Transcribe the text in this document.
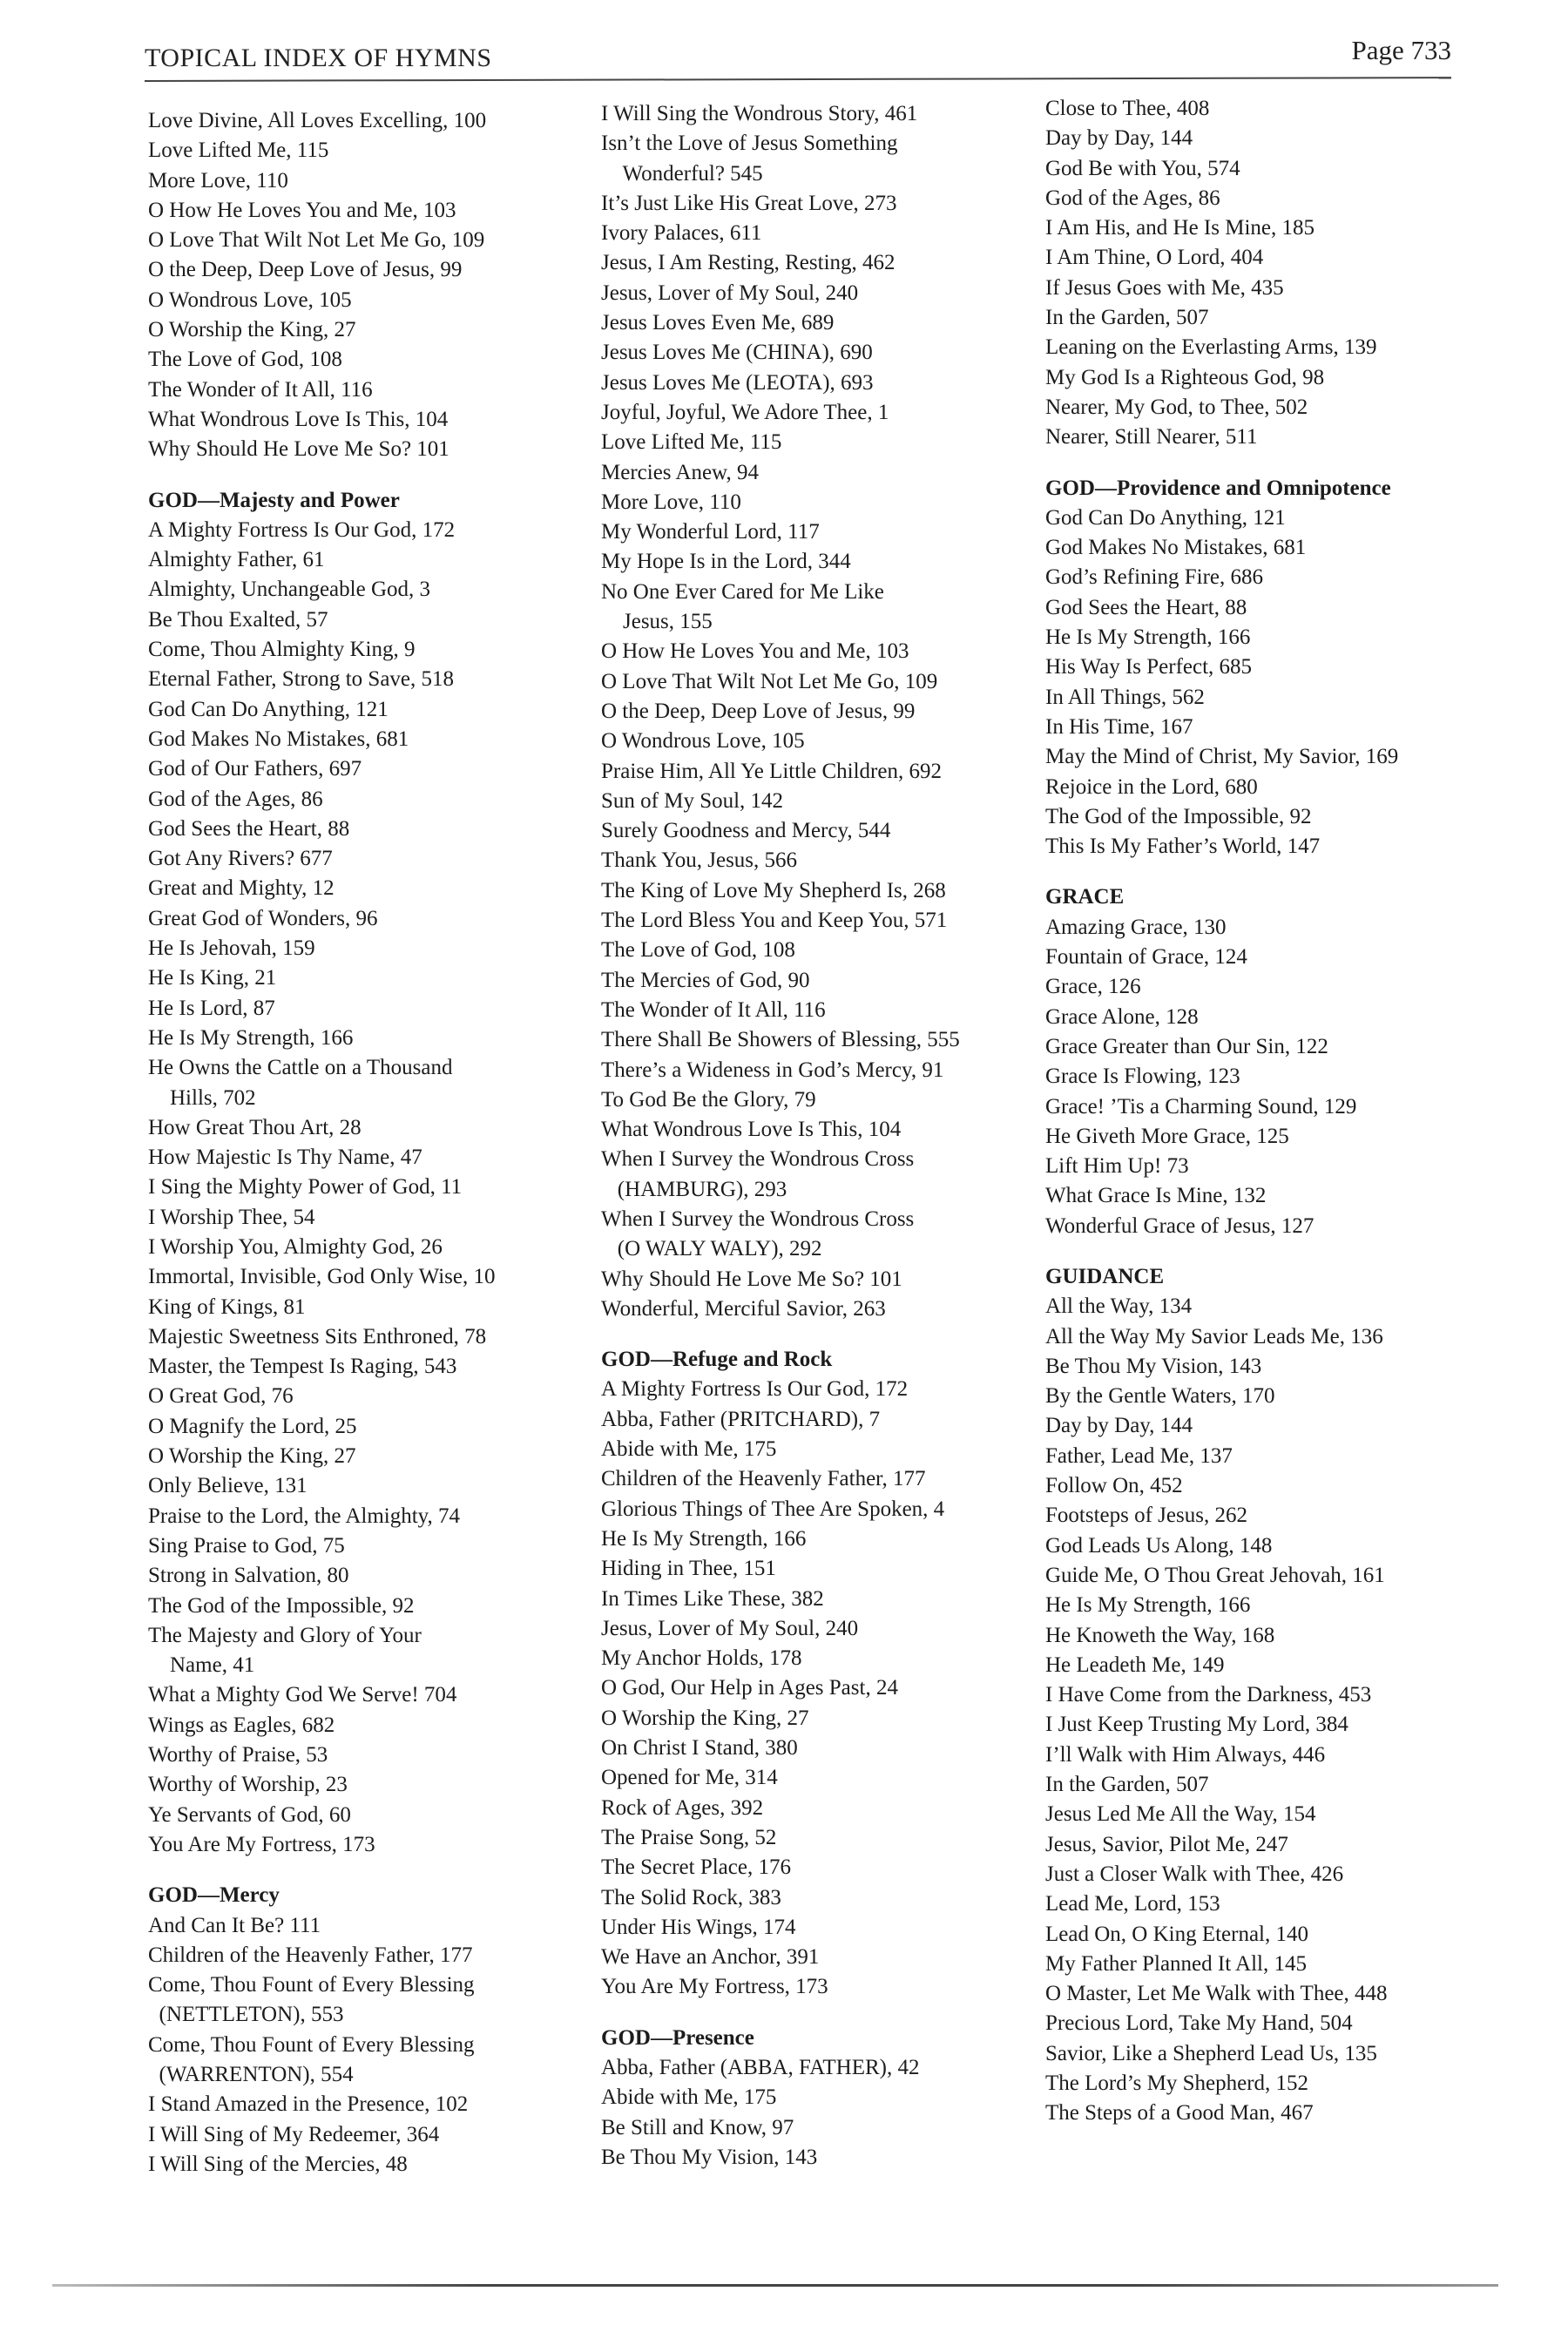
TOPICAL INDEX OF HYMNS	Page 733
Love Divine, All Loves Excelling, 100
Love Lifted Me, 115
More Love, 110
O How He Loves You and Me, 103
O Love That Wilt Not Let Me Go, 109
O the Deep, Deep Love of Jesus, 99
O Wondrous Love, 105
O Worship the King, 27
The Love of God, 108
The Wonder of It All, 116
What Wondrous Love Is This, 104
Why Should He Love Me So? 101
GOD—Majesty and Power
A Mighty Fortress Is Our God, 172
Almighty Father, 61
Almighty, Unchangeable God, 3
Be Thou Exalted, 57
Come, Thou Almighty King, 9
Eternal Father, Strong to Save, 518
God Can Do Anything, 121
God Makes No Mistakes, 681
God of Our Fathers, 697
God of the Ages, 86
God Sees the Heart, 88
Got Any Rivers? 677
Great and Mighty, 12
Great God of Wonders, 96
He Is Jehovah, 159
He Is King, 21
He Is Lord, 87
He Is My Strength, 166
He Owns the Cattle on a Thousand
Hills, 702
How Great Thou Art, 28
How Majestic Is Thy Name, 47
I Sing the Mighty Power of God, 11
I Worship Thee, 54
I Worship You, Almighty God, 26
Immortal, Invisible, God Only Wise, 10
King of Kings, 81
Majestic Sweetness Sits Enthroned, 78
Master, the Tempest Is Raging, 543
O Great God, 76
O Magnify the Lord, 25
O Worship the King, 27
Only Believe, 131
Praise to the Lord, the Almighty, 74
Sing Praise to God, 75
Strong in Salvation, 80
The God of the Impossible, 92
The Majesty and Glory of Your
Name, 41
What a Mighty God We Serve! 704
Wings as Eagles, 682
Worthy of Praise, 53
Worthy of Worship, 23
Ye Servants of God, 60
You Are My Fortress, 173
GOD—Mercy
And Can It Be? 111
Children of the Heavenly Father, 177
Come, Thou Fount of Every Blessing
(NETTLETON), 553
Come, Thou Fount of Every Blessing
(WARRENTON), 554
I Stand Amazed in the Presence, 102
I Will Sing of My Redeemer, 364
I Will Sing of the Mercies, 48
I Will Sing the Wondrous Story, 461
Isn’t the Love of Jesus Something
Wonderful? 545
It’s Just Like His Great Love, 273
Ivory Palaces, 611
Jesus, I Am Resting, Resting, 462
Jesus, Lover of My Soul, 240
Jesus Loves Even Me, 689
Jesus Loves Me (CHINA), 690
Jesus Loves Me (LEOTA), 693
Joyful, Joyful, We Adore Thee, 1
Love Lifted Me, 115
Mercies Anew, 94
More Love, 110
My Wonderful Lord, 117
My Hope Is in the Lord, 344
No One Ever Cared for Me Like
Jesus, 155
O How He Loves You and Me, 103
O Love That Wilt Not Let Me Go, 109
O the Deep, Deep Love of Jesus, 99
O Wondrous Love, 105
Praise Him, All Ye Little Children, 692
Sun of My Soul, 142
Surely Goodness and Mercy, 544
Thank You, Jesus, 566
The King of Love My Shepherd Is, 268
The Lord Bless You and Keep You, 571
The Love of God, 108
The Mercies of God, 90
The Wonder of It All, 116
There Shall Be Showers of Blessing, 555
There’s a Wideness in God’s Mercy, 91
To God Be the Glory, 79
What Wondrous Love Is This, 104
When I Survey the Wondrous Cross
(HAMBURG), 293
When I Survey the Wondrous Cross
(O WALY WALY), 292
Why Should He Love Me So? 101
Wonderful, Merciful Savior, 263
GOD—Refuge and Rock
A Mighty Fortress Is Our God, 172
Abba, Father (PRITCHARD), 7
Abide with Me, 175
Children of the Heavenly Father, 177
Glorious Things of Thee Are Spoken, 4
He Is My Strength, 166
Hiding in Thee, 151
In Times Like These, 382
Jesus, Lover of My Soul, 240
My Anchor Holds, 178
O God, Our Help in Ages Past, 24
O Worship the King, 27
On Christ I Stand, 380
Opened for Me, 314
Rock of Ages, 392
The Praise Song, 52
The Secret Place, 176
The Solid Rock, 383
Under His Wings, 174
We Have an Anchor, 391
You Are My Fortress, 173
GOD—Presence
Abba, Father (ABBA, FATHER), 42
Abide with Me, 175
Be Still and Know, 97
Be Thou My Vision, 143
Close to Thee, 408
Day by Day, 144
God Be with You, 574
God of the Ages, 86
I Am His, and He Is Mine, 185
I Am Thine, O Lord, 404
If Jesus Goes with Me, 435
In the Garden, 507
Leaning on the Everlasting Arms, 139
My God Is a Righteous God, 98
Nearer, My God, to Thee, 502
Nearer, Still Nearer, 511
GOD—Providence and Omnipotence
God Can Do Anything, 121
God Makes No Mistakes, 681
God’s Refining Fire, 686
God Sees the Heart, 88
He Is My Strength, 166
His Way Is Perfect, 685
In All Things, 562
In His Time, 167
May the Mind of Christ, My Savior, 169
Rejoice in the Lord, 680
The God of the Impossible, 92
This Is My Father’s World, 147
GRACE
Amazing Grace, 130
Fountain of Grace, 124
Grace, 126
Grace Alone, 128
Grace Greater than Our Sin, 122
Grace Is Flowing, 123
Grace! ’Tis a Charming Sound, 129
He Giveth More Grace, 125
Lift Him Up! 73
What Grace Is Mine, 132
Wonderful Grace of Jesus, 127
GUIDANCE
All the Way, 134
All the Way My Savior Leads Me, 136
Be Thou My Vision, 143
By the Gentle Waters, 170
Day by Day, 144
Father, Lead Me, 137
Follow On, 452
Footsteps of Jesus, 262
God Leads Us Along, 148
Guide Me, O Thou Great Jehovah, 161
He Is My Strength, 166
He Knoweth the Way, 168
He Leadeth Me, 149
I Have Come from the Darkness, 453
I Just Keep Trusting My Lord, 384
I’ll Walk with Him Always, 446
In the Garden, 507
Jesus Led Me All the Way, 154
Jesus, Savior, Pilot Me, 247
Just a Closer Walk with Thee, 426
Lead Me, Lord, 153
Lead On, O King Eternal, 140
My Father Planned It All, 145
O Master, Let Me Walk with Thee, 448
Precious Lord, Take My Hand, 504
Savior, Like a Shepherd Lead Us, 135
The Lord’s My Shepherd, 152
The Steps of a Good Man, 467
